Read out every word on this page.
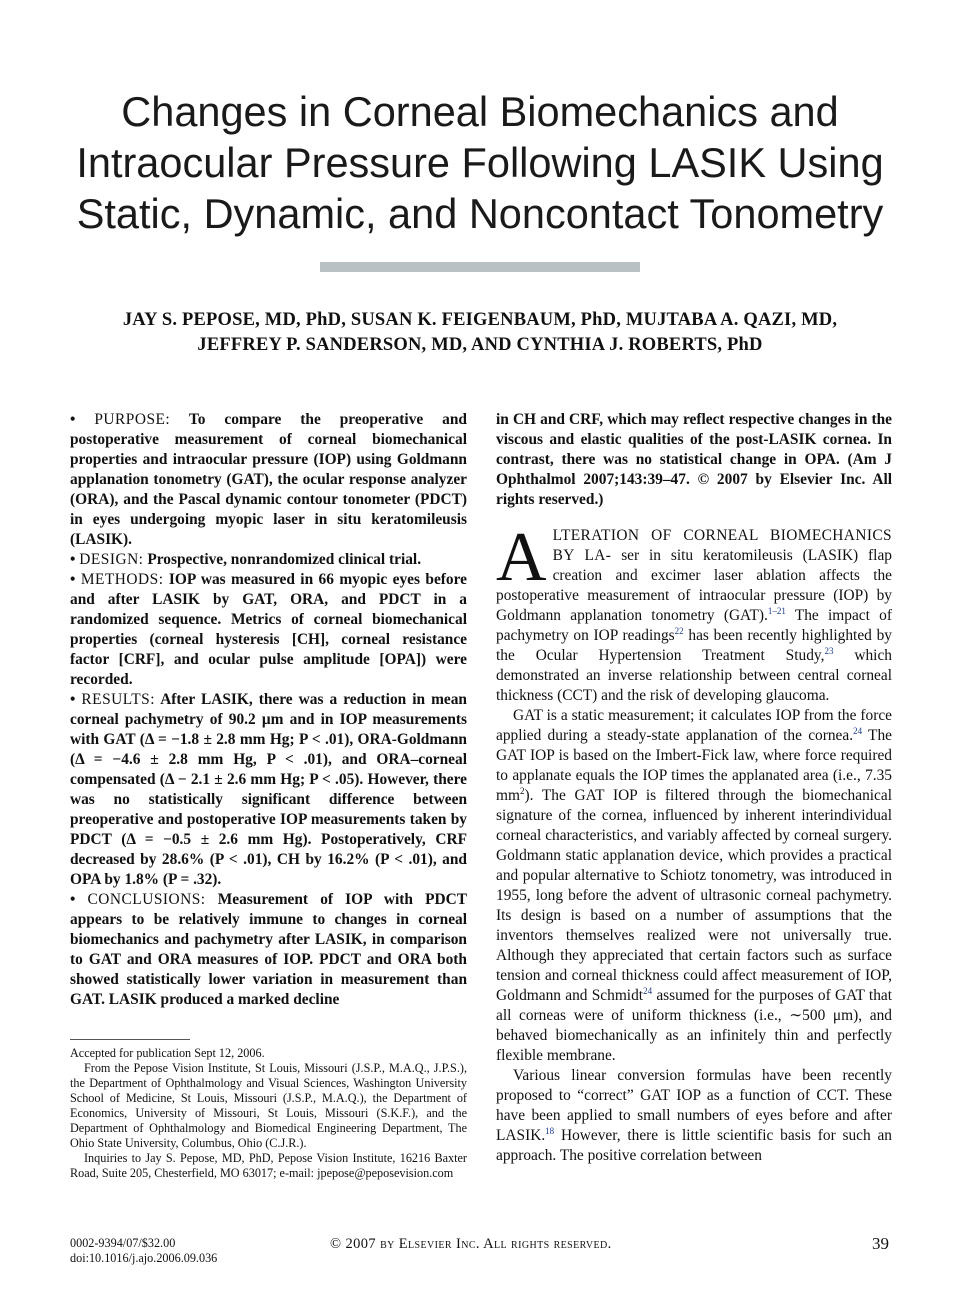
Changes in Corneal Biomechanics and
Intraocular Pressure Following LASIK Using
Static, Dynamic, and Noncontact Tonometry
JAY S. PEPOSE, MD, PhD, SUSAN K. FEIGENBAUM, PhD, MUJTABA A. QAZI, MD,
JEFFREY P. SANDERSON, MD, AND CYNTHIA J. ROBERTS, PhD

• PURPOSE: To compare the preoperative and postoperative measurement of corneal biomechanical properties and intraocular pressure (IOP) using Goldmann applanation tonometry (GAT), the ocular response analyzer (ORA), and the Pascal dynamic contour tonometer (PDCT) in eyes undergoing myopic laser in situ keratomileusis (LASIK).

• DESIGN: Prospective, nonrandomized clinical trial.

• METHODS: IOP was measured in 66 myopic eyes before and after LASIK by GAT, ORA, and PDCT in a randomized sequence. Metrics of corneal biomechanical properties (corneal hysteresis [CH], corneal resistance factor [CRF], and ocular pulse amplitude [OPA]) were recorded.

• RESULTS: After LASIK, there was a reduction in mean corneal pachymetry of 90.2 μm and in IOP measurements with GAT (Δ = −1.8 ± 2.8 mm Hg; P < .01), ORA-Goldmann (Δ = −4.6 ± 2.8 mm Hg, P < .01), and ORA–corneal compensated (Δ − 2.1 ± 2.6 mm Hg; P < .05). However, there was no statistically significant difference between preoperative and postoperative IOP measurements taken by PDCT (Δ = −0.5 ± 2.6 mm Hg). Postoperatively, CRF decreased by 28.6% (P < .01), CH by 16.2% (P < .01), and OPA by 1.8% (P = .32).

• CONCLUSIONS: Measurement of IOP with PDCT appears to be relatively immune to changes in corneal biomechanics and pachymetry after LASIK, in comparison to GAT and ORA measures of IOP. PDCT and ORA both showed statistically lower variation in measurement than GAT. LASIK produced a marked decline

Accepted for publication Sept 12, 2006.

From the Pepose Vision Institute, St Louis, Missouri (J.S.P., M.A.Q., J.P.S.), the Department of Ophthalmology and Visual Sciences, Washington University School of Medicine, St Louis, Missouri (J.S.P., M.A.Q.), the Department of Economics, University of Missouri, St Louis, Missouri (S.K.F.), and the Department of Ophthalmology and Biomedical Engineering Department, The Ohio State University, Columbus, Ohio (C.J.R.).

Inquiries to Jay S. Pepose, MD, PhD, Pepose Vision Institute, 16216 Baxter Road, Suite 205, Chesterfield, MO 63017; e-mail: jpepose@peposevision.com

in CH and CRF, which may reflect respective changes in the viscous and elastic qualities of the post-LASIK cornea. In contrast, there was no statistical change in OPA. (Am J Ophthalmol 2007;143:39–47. © 2007 by Elsevier Inc. All rights reserved.)

ALTERATION OF CORNEAL BIOMECHANICS BY LA- ser in situ keratomileusis (LASIK) flap creation and excimer laser ablation affects the postoperative measurement of intraocular pressure (IOP) by Goldmann applanation tonometry (GAT).$^{1-21}$ The impact of pachymetry on IOP readings$^{22}$ has been recently highlighted by the Ocular Hypertension Treatment Study,$^{23}$ which demonstrated an inverse relationship between central corneal thickness (CCT) and the risk of developing glaucoma.

GAT is a static measurement; it calculates IOP from the force applied during a steady-state applanation of the cornea.$^{24}$ The GAT IOP is based on the Imbert-Fick law, where force required to applanate equals the IOP times the applanated area (i.e., 7.35 $mm^2$). The GAT IOP is filtered through the biomechanical signature of the cornea, influenced by inherent interindividual corneal characteristics, and variably affected by corneal surgery. Goldmann static applanation device, which provides a practical and popular alternative to Schiotz tonometry, was introduced in 1955, long before the advent of ultrasonic corneal pachymetry. Its design is based on a number of assumptions that the inventors themselves realized were not universally true. Although they appreciated that certain factors such as surface tension and corneal thickness could affect measurement of IOP, Goldmann and Schmidt$^{24}$ assumed for the purposes of GAT that all corneas were of uniform thickness (i.e., ∼500 μm), and behaved biomechanically as an infinitely thin and perfectly flexible membrane.

Various linear conversion formulas have been recently proposed to “correct” GAT IOP as a function of CCT. These have been applied to small numbers of eyes before and after LASIK.$^{18}$ However, there is little scientific basis for such an approach. The positive correlation between

0002-9394/07/$32.00
doi:10.1016/j.ajo.2006.09.036
© 2007 by Elsevier Inc. All rights reserved.	39
